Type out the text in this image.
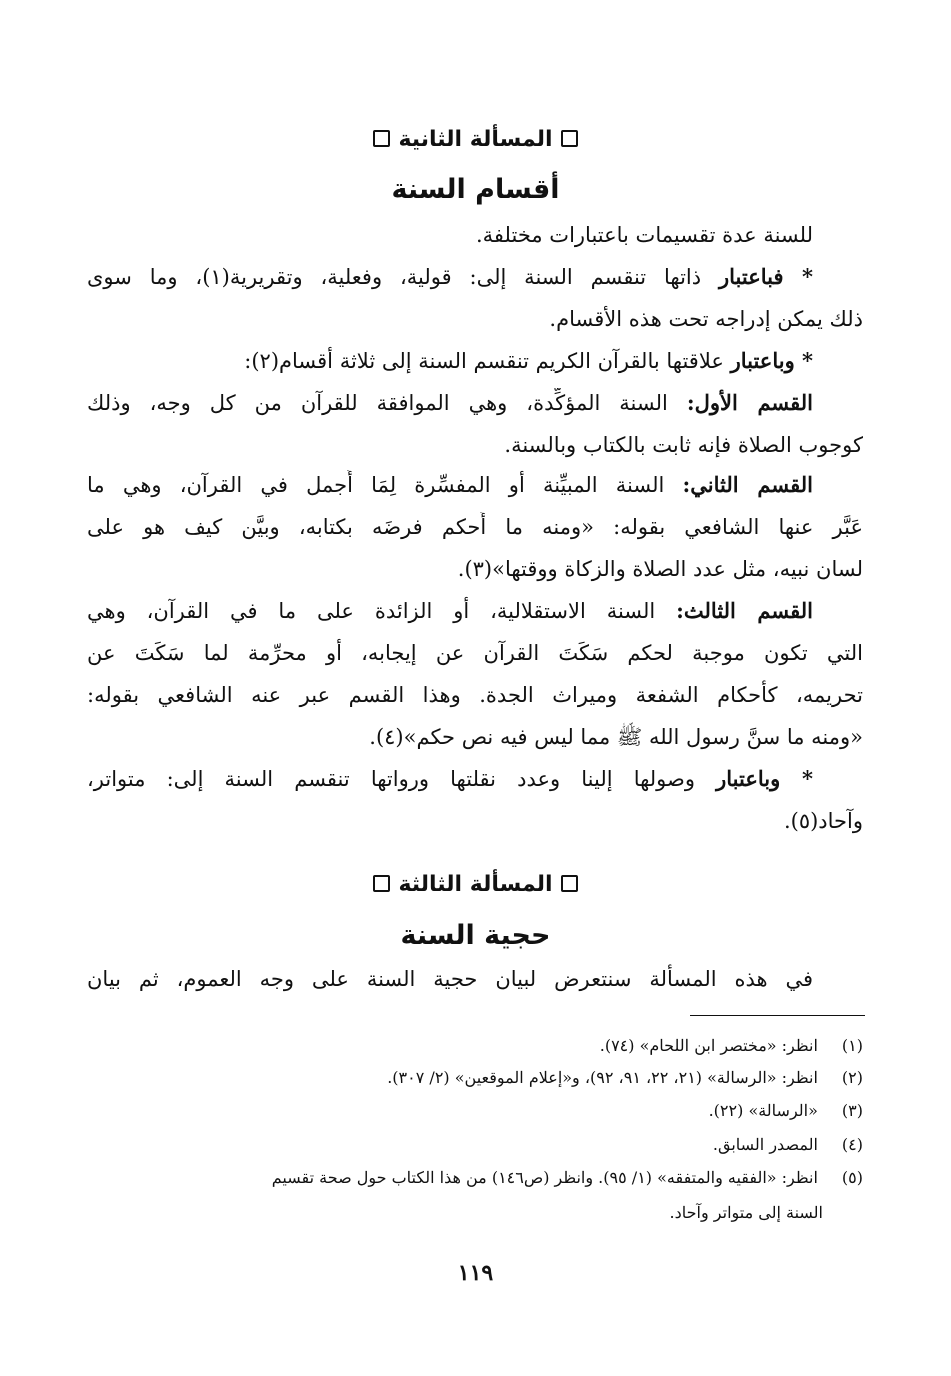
المسألة الثانية
أقسام السنة
للسنة عدة تقسيمات باعتبارات مختلفة.
* فباعتبار ذاتها تنقسم السنة إلى: قولية، وفعلية، وتقريرية(١)، وما سوى
ذلك يمكن إدراجه تحت هذه الأقسام.
* وباعتبار علاقتها بالقرآن الكريم تنقسم السنة إلى ثلاثة أقسام(٢):
القسم الأول: السنة المؤكِّدة، وهي الموافقة للقرآن من كل وجه، وذلك
كوجوب الصلاة فإنه ثابت بالكتاب وبالسنة.
القسم الثاني: السنة المبيِّنة أو المفسِّرة لِمَا أُجمل في القرآن، وهي ما
عَبَّر عنها الشافعي بقوله: «ومنه ما أَحكم فرضَه بكتابه، وبيَّن كيف هو على
لسان نبيه، مثل عدد الصلاة والزكاة ووقتها»(٣).
القسم الثالث: السنة الاستقلالية، أو الزائدة على ما في القرآن، وهي
التي تكون موجبة لحكم سَكَتَ القرآن عن إيجابه، أو محرِّمة لما سَكَتَ عن
تحريمه، كأحكام الشفعة وميراث الجدة. وهذا القسم عبر عنه الشافعي بقوله:
«ومنه ما سنَّ رسول الله ﷺ مما ليس فيه نص حكم»(٤).
* وباعتبار وصولها إلينا وعدد نقلتها ورواتها تنقسم السنة إلى: متواتر،
وآحاد(٥).
المسألة الثالثة
حجية السنة
في هذه المسألة سنتعرض لبيان حجية السنة على وجه العموم، ثم بيان
(١) انظر: «مختصر ابن اللحام» (٧٤).
(٢) انظر: «الرسالة» (٢١، ٢٢، ٩١، ٩٢)، و«إعلام الموقعين» (٢/ ٣٠٧).
(٣) «الرسالة» (٢٢).
(٤) المصدر السابق.
(٥) انظر: «الفقيه والمتفقه» (١/ ٩٥). وانظر (ص١٤٦) من هذا الكتاب حول صحة تقسيم
السنة إلى متواتر وآحاد.
١١٩
